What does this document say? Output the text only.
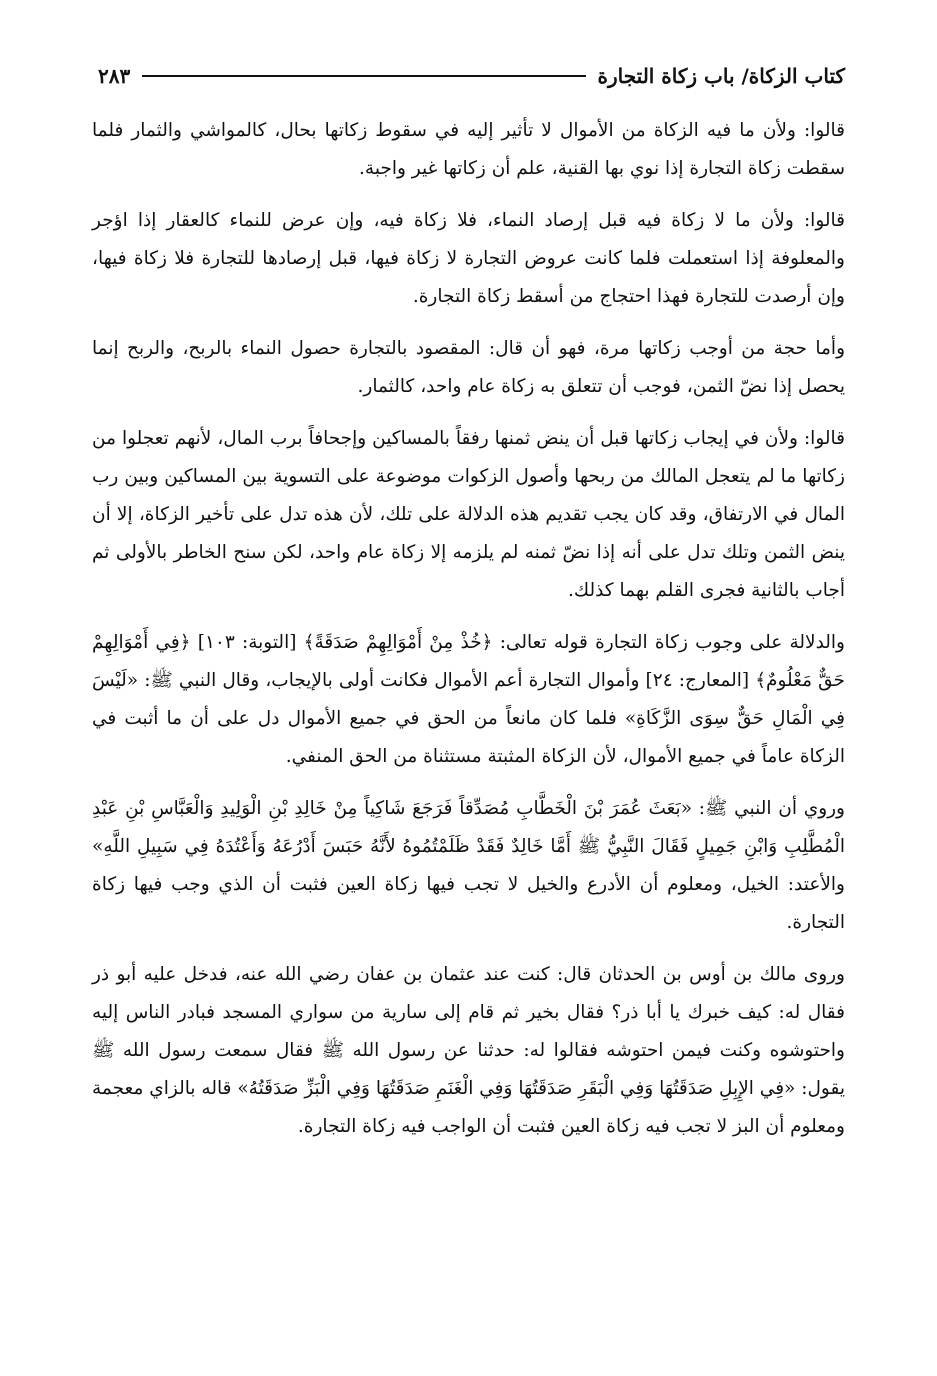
كتاب الزكاة/ باب زكاة التجارة
٢٨٣

قالوا: ولأن ما فيه الزكاة من الأموال لا تأثير إليه في سقوط زكاتها بحال، كالمواشي والثمار فلما سقطت زكاة التجارة إذا نوي بها القنية، علم أن زكاتها غير واجبة.

قالوا: ولأن ما لا زكاة فيه قبل إرصاد النماء، فلا زكاة فيه، وإن عرض للنماء كالعقار إذا اؤجر والمعلوفة إذا استعملت فلما كانت عروض التجارة لا زكاة فيها، قبل إرصادها للتجارة فلا زكاة فيها، وإن أرصدت للتجارة فهذا احتجاج من أسقط زكاة التجارة.

وأما حجة من أوجب زكاتها مرة، فهو أن قال: المقصود بالتجارة حصول النماء بالربح، والربح إنما يحصل إذا نضّ الثمن، فوجب أن تتعلق به زكاة عام واحد، كالثمار.

قالوا: ولأن في إيجاب زكاتها قبل أن ينض ثمنها رفقاً بالمساكين وإجحافاً برب المال، لأنهم تعجلوا من زكاتها ما لم يتعجل المالك من ربحها وأصول الزكوات موضوعة على التسوية بين المساكين وبين رب المال في الارتفاق، وقد كان يجب تقديم هذه الدلالة على تلك، لأن هذه تدل على تأخير الزكاة، إلا أن ينض الثمن وتلك تدل على أنه إذا نضّ ثمنه لم يلزمه إلا زكاة عام واحد، لكن سنح الخاطر بالأولى ثم أجاب بالثانية فجرى القلم بهما كذلك.

والدلالة على وجوب زكاة التجارة قوله تعالى: ﴿خُذْ مِنْ أَمْوَالِهِمْ صَدَقَةً﴾ [التوبة: ١٠٣] ﴿فِي أَمْوَالِهِمْ حَقٌّ مَعْلُومٌ﴾ [المعارج: ٢٤] وأموال التجارة أعم الأموال فكانت أولى بالإيجاب، وقال النبي ﷺ: «لَيْسَ فِي الْمَالِ حَقٌّ سِوَى الزَّكَاةِ» فلما كان مانعاً من الحق في جميع الأموال دل على أن ما أثبت في الزكاة عاماً في جميع الأموال، لأن الزكاة المثبتة مستثناة من الحق المنفي.

وروي أن النبي ﷺ: «بَعَثَ عُمَرَ بْنَ الْخَطَّابِ مُصَدِّقاً فَرَجَعَ شَاكِياً مِنْ خَالِدِ بْنِ الْوَلِيدِ وَالْعَبَّاسِ بْنِ عَبْدِ الْمُطَّلِبِ وَابْنِ جَمِيلٍ فَقَالَ النَّبِيُّ ﷺ أَمَّا خَالِدٌ فَقَدْ ظَلَمْتُمُوهُ لأَنَّهُ حَبَسَ أَدْرُعَهُ وَأَعْتُدَهُ فِي سَبِيلِ اللَّهِ» والأعتد: الخيل، ومعلوم أن الأدرع والخيل لا تجب فيها زكاة العين فثبت أن الذي وجب فيها زكاة التجارة.

وروى مالك بن أوس بن الحدثان قال: كنت عند عثمان بن عفان رضي الله عنه، فدخل عليه أبو ذر فقال له: كيف خبرك يا أبا ذر؟ فقال بخير ثم قام إلى سارية من سواري المسجد فبادر الناس إليه واحتوشوه وكنت فيمن احتوشه فقالوا له: حدثنا عن رسول الله ﷺ فقال سمعت رسول الله ﷺ يقول: «فِي الإِبِلِ صَدَقَتُهَا وَفِي الْبَقَرِ صَدَقَتُهَا وَفِي الْغَنَمِ صَدَقَتُهَا وَفِي الْبَزِّ صَدَقَتُهُ» قاله بالزاي معجمة ومعلوم أن البز لا تجب فيه زكاة العين فثبت أن الواجب فيه زكاة التجارة.
